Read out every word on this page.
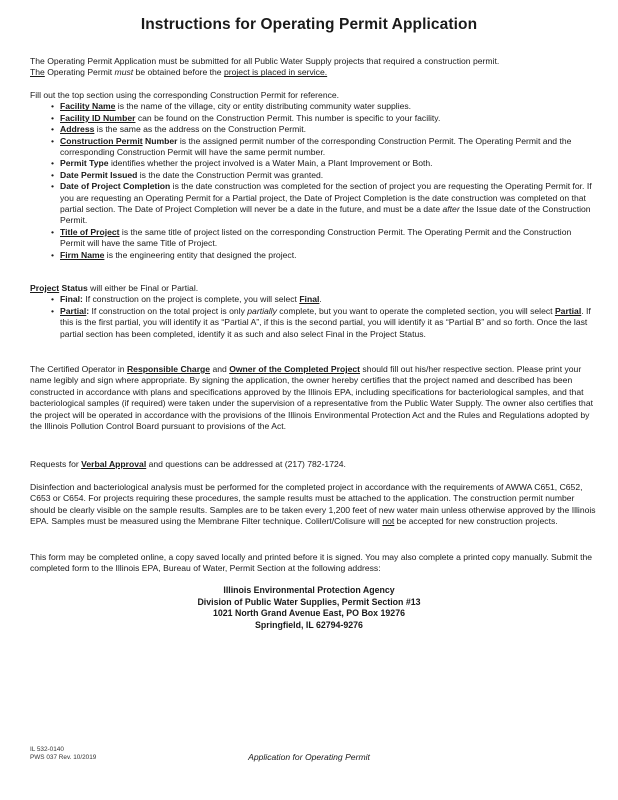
Instructions for Operating Permit Application

The Operating Permit Application must be submitted for all Public Water Supply projects that required a construction permit.

The Operating Permit must be obtained before the project is placed in service.

Fill out the top section using the corresponding Construction Permit for reference.

• Facility Name is the name of the village, city or entity distributing community water supplies.
• Facility ID Number can be found on the Construction Permit. This number is specific to your facility.
• Address is the same as the address on the Construction Permit.
• Construction Permit Number is the assigned permit number of the corresponding Construction Permit. The Operating Permit and the corresponding Construction Permit will have the same permit number.
• Permit Type identifies whether the project involved is a Water Main, a Plant Improvement or Both.
• Date Permit Issued is the date the Construction Permit was granted.
• Date of Project Completion is the date construction was completed for the section of project you are requesting the Operating Permit for. If you are requesting an Operating Permit for a Partial project, the Date of Project Completion is the date construction was completed on that partial section. The Date of Project Completion will never be a date in the future, and must be a date after the Issue date of the Construction Permit.
• Title of Project is the same title of project listed on the corresponding Construction Permit. The Operating Permit and the Construction Permit will have the same Title of Project.
• Firm Name is the engineering entity that designed the project.

Project Status will either be Final or Partial.

• Final: If construction on the project is complete, you will select Final.
• Partial: If construction on the total project is only partially complete, but you want to operate the completed section, you will select Partial. If this is the first partial, you will identify it as “Partial A”, if this is the second partial, you will identify it as “Partial B” and so forth. Once the last partial section has been completed, identify it as such and also select Final in the Project Status.

The Certified Operator in Responsible Charge and Owner of the Completed Project should fill out his/her respective section. Please print your name legibly and sign where appropriate. By signing the application, the owner hereby certifies that the project named and described has been constructed in accordance with plans and specifications approved by the Illinois EPA, including specifications for bacteriological samples, and that bacteriological samples (if required) were taken under the supervision of a representative from the Public Water Supply. The owner also certifies that the project will be operated in accordance with the provisions of the Illinois Environmental Protection Act and the Rules and Regulations adopted by the Illinois Pollution Control Board pursuant to provisions of the Act.

Requests for Verbal Approval and questions can be addressed at (217) 782-1724.

Disinfection and bacteriological analysis must be performed for the completed project in accordance with the requirements of AWWA C651, C652, C653 or C654. For projects requiring these procedures, the sample results must be attached to the application. The construction permit number should be clearly visible on the sample results. Samples are to be taken every 1,200 feet of new water main unless otherwise approved by the Illinois EPA. Samples must be measured using the Membrane Filter technique. Colilert/Colisure will not be accepted for new construction projects.

This form may be completed online, a copy saved locally and printed before it is signed. You may also complete a printed copy manually. Submit the completed form to the Illinois EPA, Bureau of Water, Permit Section at the following address:

Illinois Environmental Protection Agency
Division of Public Water Supplies, Permit Section #13
1021 North Grand Avenue East, PO Box 19276
Springfield, IL 62794-9276
IL 532-0140
PWS 037 Rev. 10/2019	Application for Operating Permit
